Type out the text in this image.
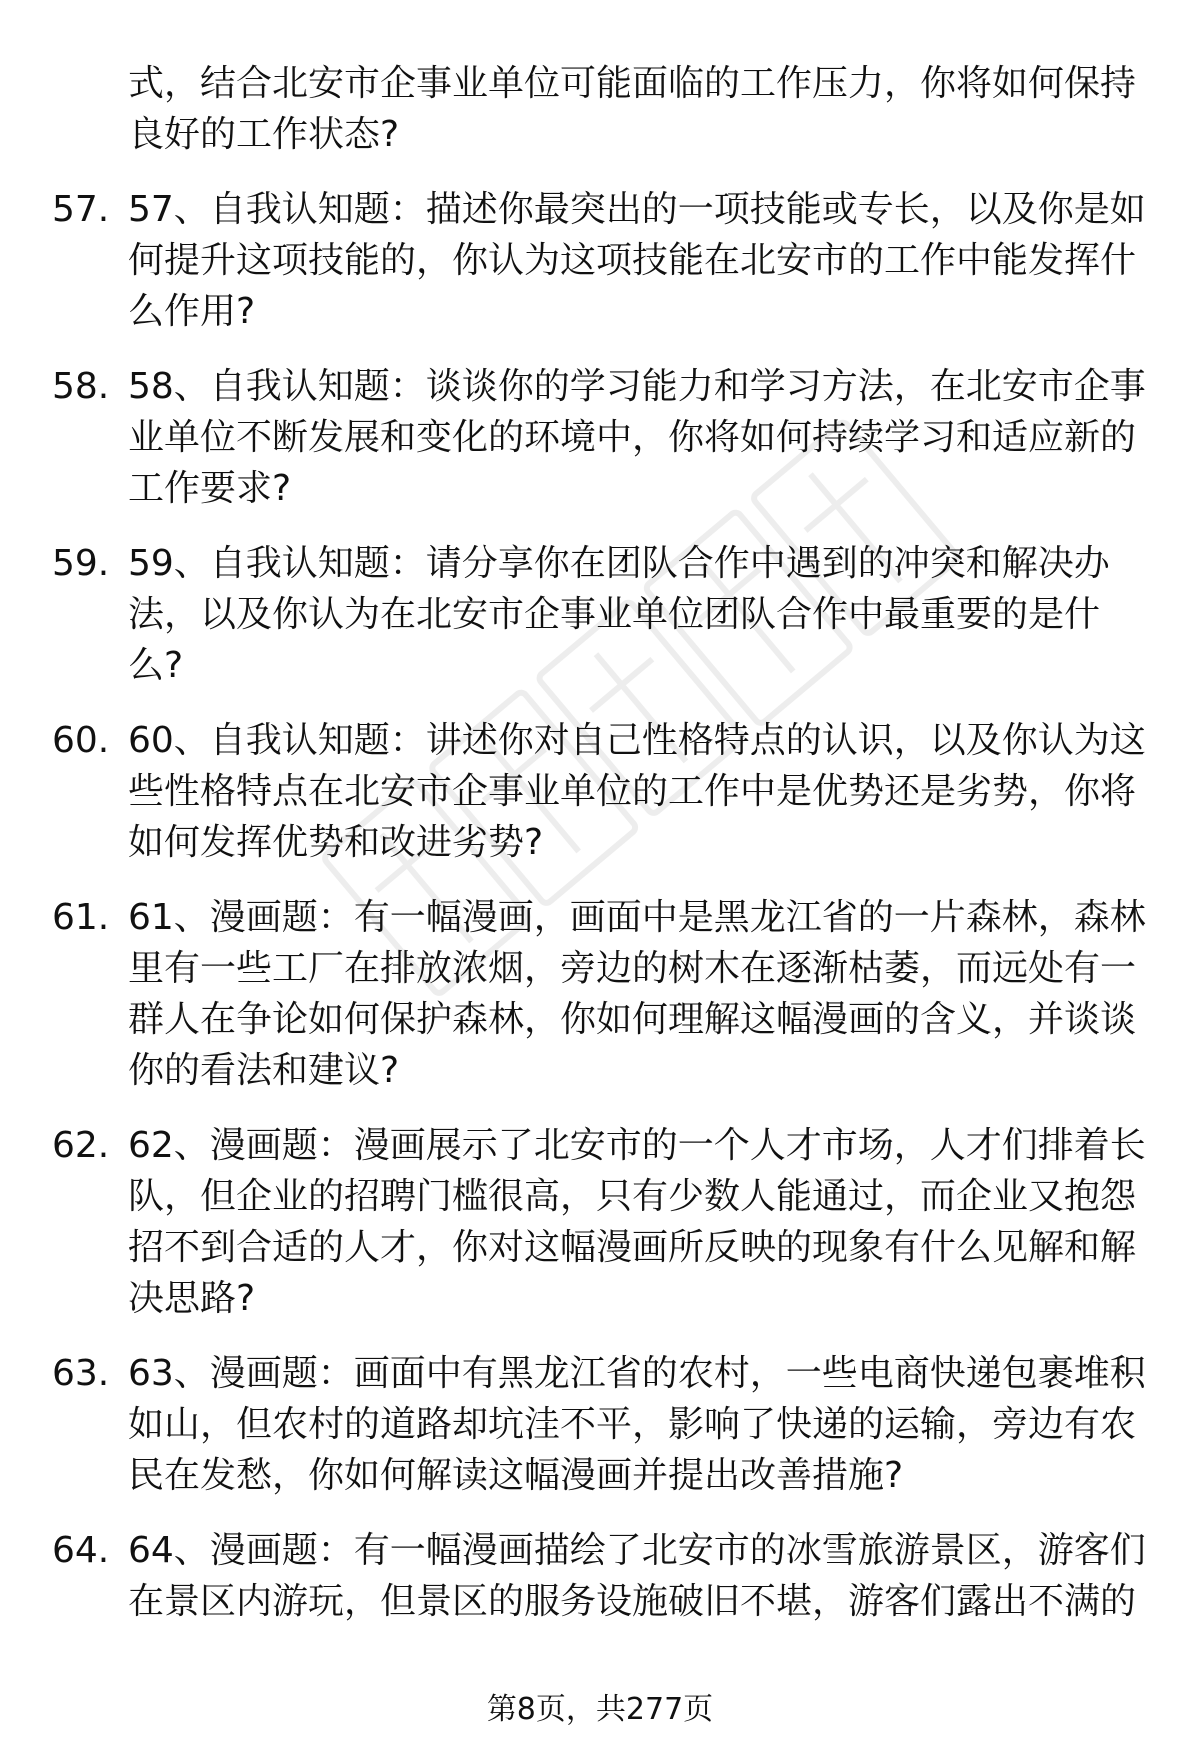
式，结合北安市企事业单位可能面临的工作压力，你将如何保持良好的工作状态?
57. 57、自我认知题：描述你最突出的一项技能或专长，以及你是如何提升这项技能的，你认为这项技能在北安市的工作中能发挥什么作用?
58. 58、自我认知题：谈谈你的学习能力和学习方法，在北安市企事业单位不断发展和变化的环境中，你将如何持续学习和适应新的工作要求?
59. 59、自我认知题：请分享你在团队合作中遇到的冲突和解决办法，以及你认为在北安市企事业单位团队合作中最重要的是什么?
60. 60、自我认知题：讲述你对自己性格特点的认识，以及你认为这些性格特点在北安市企事业单位的工作中是优势还是劣势，你将如何发挥优势和改进劣势?
61. 61、漫画题：有一幅漫画，画面中是黑龙江省的一片森林，森林里有一些工厂在排放浓烟，旁边的树木在逐渐枯萎，而远处有一群人在争论如何保护森林，你如何理解这幅漫画的含义，并谈谈你的看法和建议?
62. 62、漫画题：漫画展示了北安市的一个人才市场，人才们排着长队，但企业的招聘门槛很高，只有少数人能通过，而企业又抱怨招不到合适的人才，你对这幅漫画所反映的现象有什么见解和解决思路?
63. 63、漫画题：画面中有黑龙江省的农村，一些电商快递包裹堆积如山，但农村的道路却坑洼不平，影响了快递的运输，旁边有农民在发愁，你如何解读这幅漫画并提出改善措施?
64. 64、漫画题：有一幅漫画描绘了北安市的冰雪旅游景区，游客们在景区内游玩，但景区的服务设施破旧不堪，游客们露出不满的
第8页，共277页
